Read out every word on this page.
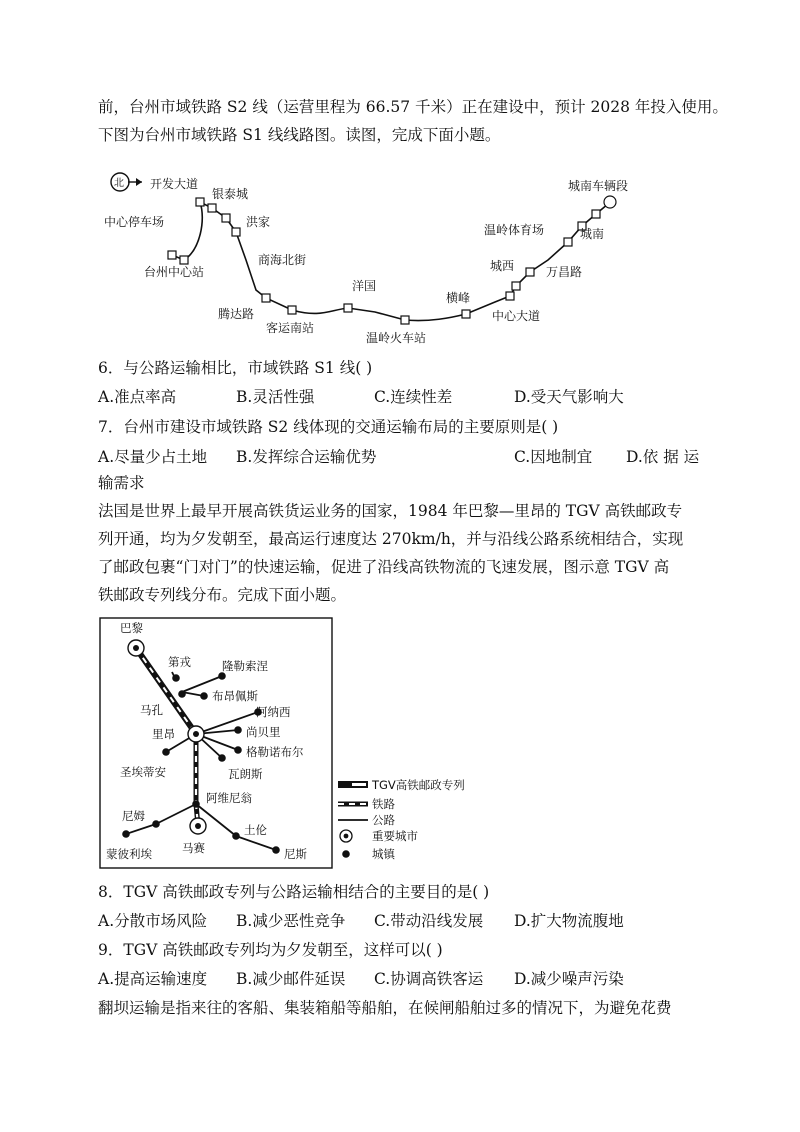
前，台州市域铁路 S2 线（运营里程为 66.57 千米）正在建设中，预计 2028 年投入使用。
下图为台州市域铁路 S1 线线路图。读图，完成下面小题。
北 开发大道
银泰城
中心停车场	洪家
台州中心站
商海北街
洋国
腾达路
客运南站
温岭火车站
横峰
中心大道
万昌路
城西
温岭体育场	城南
城南车辆段
6．与公路运输相比，市域铁路 S1 线( )
A.准点率高	B.灵活性强	C.连续性差	D.受天气影响大
7．台州市建设市域铁路 S2 线体现的交通运输布局的主要原则是( )
A.尽量少占土地 B.发挥综合运输优势	C.因地制宜 D.依 据 运
输需求
法国是世界上最早开展高铁货运业务的国家，1984 年巴黎—里昂的 TGV 高铁邮政专
列开通，均为夕发朝至，最高运行速度达 270km/h，并与沿线公路系统相结合，实现
了邮政包裹“门对门”的快速运输，促进了沿线高铁物流的飞速发展，图示意 TGV 高
铁邮政专列线分布。完成下面小题。
巴黎
第戎	隆勒索涅
布昂佩斯
马孔	阿纳西
里昂	尚贝里
格勒诺布尔
圣埃蒂安	瓦朗斯
阿维尼翁
尼姆
土伦
蒙彼利埃	马赛	尼斯
TGV高铁邮政专列
铁路
公路
重要城市
城镇
8．TGV 高铁邮政专列与公路运输相结合的主要目的是( )
A.分散市场风险 B.减少恶性竞争 C.带动沿线发展 D.扩大物流腹地
9．TGV 高铁邮政专列均为夕发朝至，这样可以( )
A.提高运输速度 B.减少邮件延误 C.协调高铁客运 D.减少噪声污染
翻坝运输是指来往的客船、集装箱船等船舶，在候闸船舶过多的情况下，为避免花费
